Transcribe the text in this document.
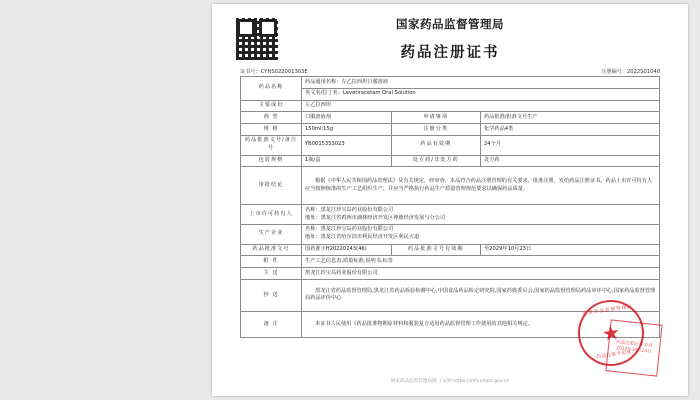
国家药品监督管理局
药品注册证书
证书号：CYHS022001303E	注册编号：2022S01040
药品名称	药品通用名称：左乙拉西坦口服溶液		
	英文名/拉丁名：Levetiracetam Oral Solution		
主要成份	左乙拉西坦		
剂 型	口服溶液剂	申请事项	药品批准/批准文号生产
规 格	150ml:15g	注册分类	化学药品4类
药品批准文号/备注号	YB0015353023	药品有效期	24个月
包装规格	1瓶/盒	处方药/非处方药	处方药
审批结论	根据《中华人民共和国药品管理法》及有关规定，经审查，本品符合药品注册管理的有关要求，批准注册，发给药品注册证书。药品上市许可持有人应当按照核准的生产工艺组织生产，并应当严格执行药品生产质量管理规范要求以确保药品质量。		
上市许可持有人	名称：黑龙江珍宝岛药业股份有限公司
地址：黑龙江省鸡西市滴林经济开发区神鹿经济发展与分公司		

生产企业	名称：黑龙江珍宝岛药业股份有限公司
地址：黑龙江省哈尔滨市利民经济开发区利民大道		

药品批准文号	国药准字H20220243(46)	药品批准文号有效期	至2029年10月23日
附 件	生产工艺信息表,质量标准,说明书,标签		
主 送	黑龙江珍宝岛药业股份有限公司		
抄 送	黑龙江省药品监督管理局,黑龙江省药品检验检测中心,中国食品药品检定研究院,国家药典委员会,国家药品监督管理局药品审评中心,国家药品监督管理局药品评价中心		
备 注	本证书人民使用《药品批准物期原材料和服装复合适用药品监督管理工作使用的其他相关规定。		
国家药品监督管理局
★
药品注册专用章
药品注册证书 专用 2022年10月24日
国家药品监督管理局制 子证照 https://info.nmpa.gov.cn
